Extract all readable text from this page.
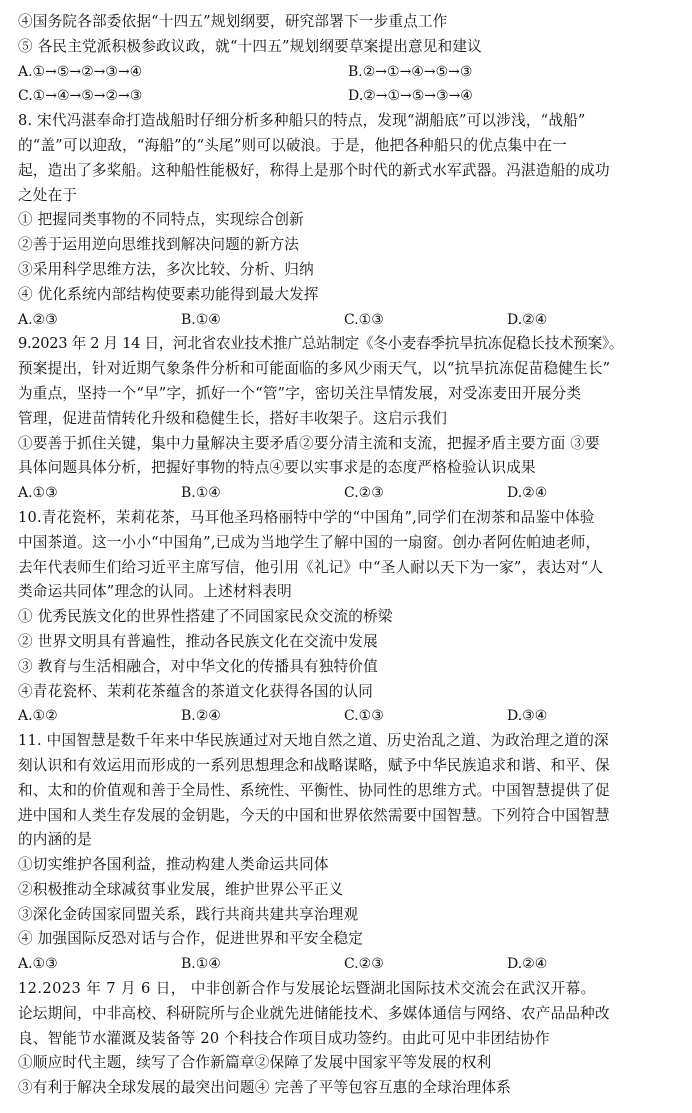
④国务院各部委依据“十四五”规划纲要，研究部署下一步重点工作
⑤ 各民主党派积极参政议政，就“十四五”规划纲要草案提出意见和建议
A.①→⑤→②→③→④	B.②→①→④→⑤→③
C.①→④→⑤→②→③	D.②→①→⑤→③→④
8. 宋代冯湛奉命打造战船时仔细分析多种船只的特点，发现“湖船底”可以涉浅，“战船”
的“盖”可以迎敌，“海船”的“头尾”则可以破浪。于是，他把各种船只的优点集中在一
起，造出了多桨船。这种船性能极好，称得上是那个时代的新式水军武器。冯湛造船的成功
之处在于
① 把握同类事物的不同特点，实现综合创新
②善于运用逆向思维找到解决问题的新方法
③采用科学思维方法，多次比较、分析、归纳
④ 优化系统内部结构使要素功能得到最大发挥
A.②③	B.①④	C.①③	D.②④
9.2023 年 2 月 14 日，河北省农业技术推广总站制定《冬小麦春季抗旱抗冻促稳长技术预案》。
预案提出，针对近期气象条件分析和可能面临的多风少雨天气，以“抗旱抗冻促苗稳健生长”
为重点，坚持一个“早”字，抓好一个“管”字，密切关注旱情发展，对受冻麦田开展分类
管理，促进苗情转化升级和稳健生长，搭好丰收架子。这启示我们
①要善于抓住关键，集中力量解决主要矛盾②要分清主流和支流，把握矛盾主要方面 ③要
具体问题具体分析，把握好事物的特点④要以实事求是的态度严格检验认识成果
A.①③	B.①④	C.②③	D.②④
10.青花瓷杯，茉莉花茶，马耳他圣玛格丽特中学的“中国角”,同学们在沏茶和品鉴中体验
中国茶道。这一小小“中国角”,已成为当地学生了解中国的一扇窗。创办者阿佐帕迪老师，
去年代表师生们给习近平主席写信，他引用《礼记》中“圣人耐以天下为一家”，表达对“人
类命运共同体”理念的认同。上述材料表明
① 优秀民族文化的世界性搭建了不同国家民众交流的桥梁
② 世界文明具有普遍性，推动各民族文化在交流中发展
③ 教育与生活相融合，对中华文化的传播具有独特价值
④青花瓷杯、茉莉花茶蕴含的茶道文化获得各国的认同
A.①②	B.②④	C.①③	D.③④
11. 中国智慧是数千年来中华民族通过对天地自然之道、历史治乱之道、为政治理之道的深
刻认识和有效运用而形成的一系列思想理念和战略谋略，赋予中华民族追求和谐、和平、保
和、太和的价值观和善于全局性、系统性、平衡性、协同性的思维方式。中国智慧提供了促
进中国和人类生存发展的金钥匙，今天的中国和世界依然需要中国智慧。下列符合中国智慧
的内涵的是
①切实维护各国利益，推动构建人类命运共同体
②积极推动全球减贫事业发展，维护世界公平正义
③深化金砖国家同盟关系，践行共商共建共享治理观
④ 加强国际反恐对话与合作，促进世界和平安全稳定
A.①③	B.①④	C.②③	D.②④
12.2023 年 7 月 6 日， 中非创新合作与发展论坛暨湖北国际技术交流会在武汉开幕。
论坛期间，中非高校、科研院所与企业就先进储能技术、多媒体通信与网络、农产品品种改
良、智能节水灌溉及装备等 20 个科技合作项目成功签约。由此可见中非团结协作
①顺应时代主题，续写了合作新篇章②保障了发展中国家平等发展的权利
③有利于解决全球发展的最突出问题④ 完善了平等包容互惠的全球治理体系
